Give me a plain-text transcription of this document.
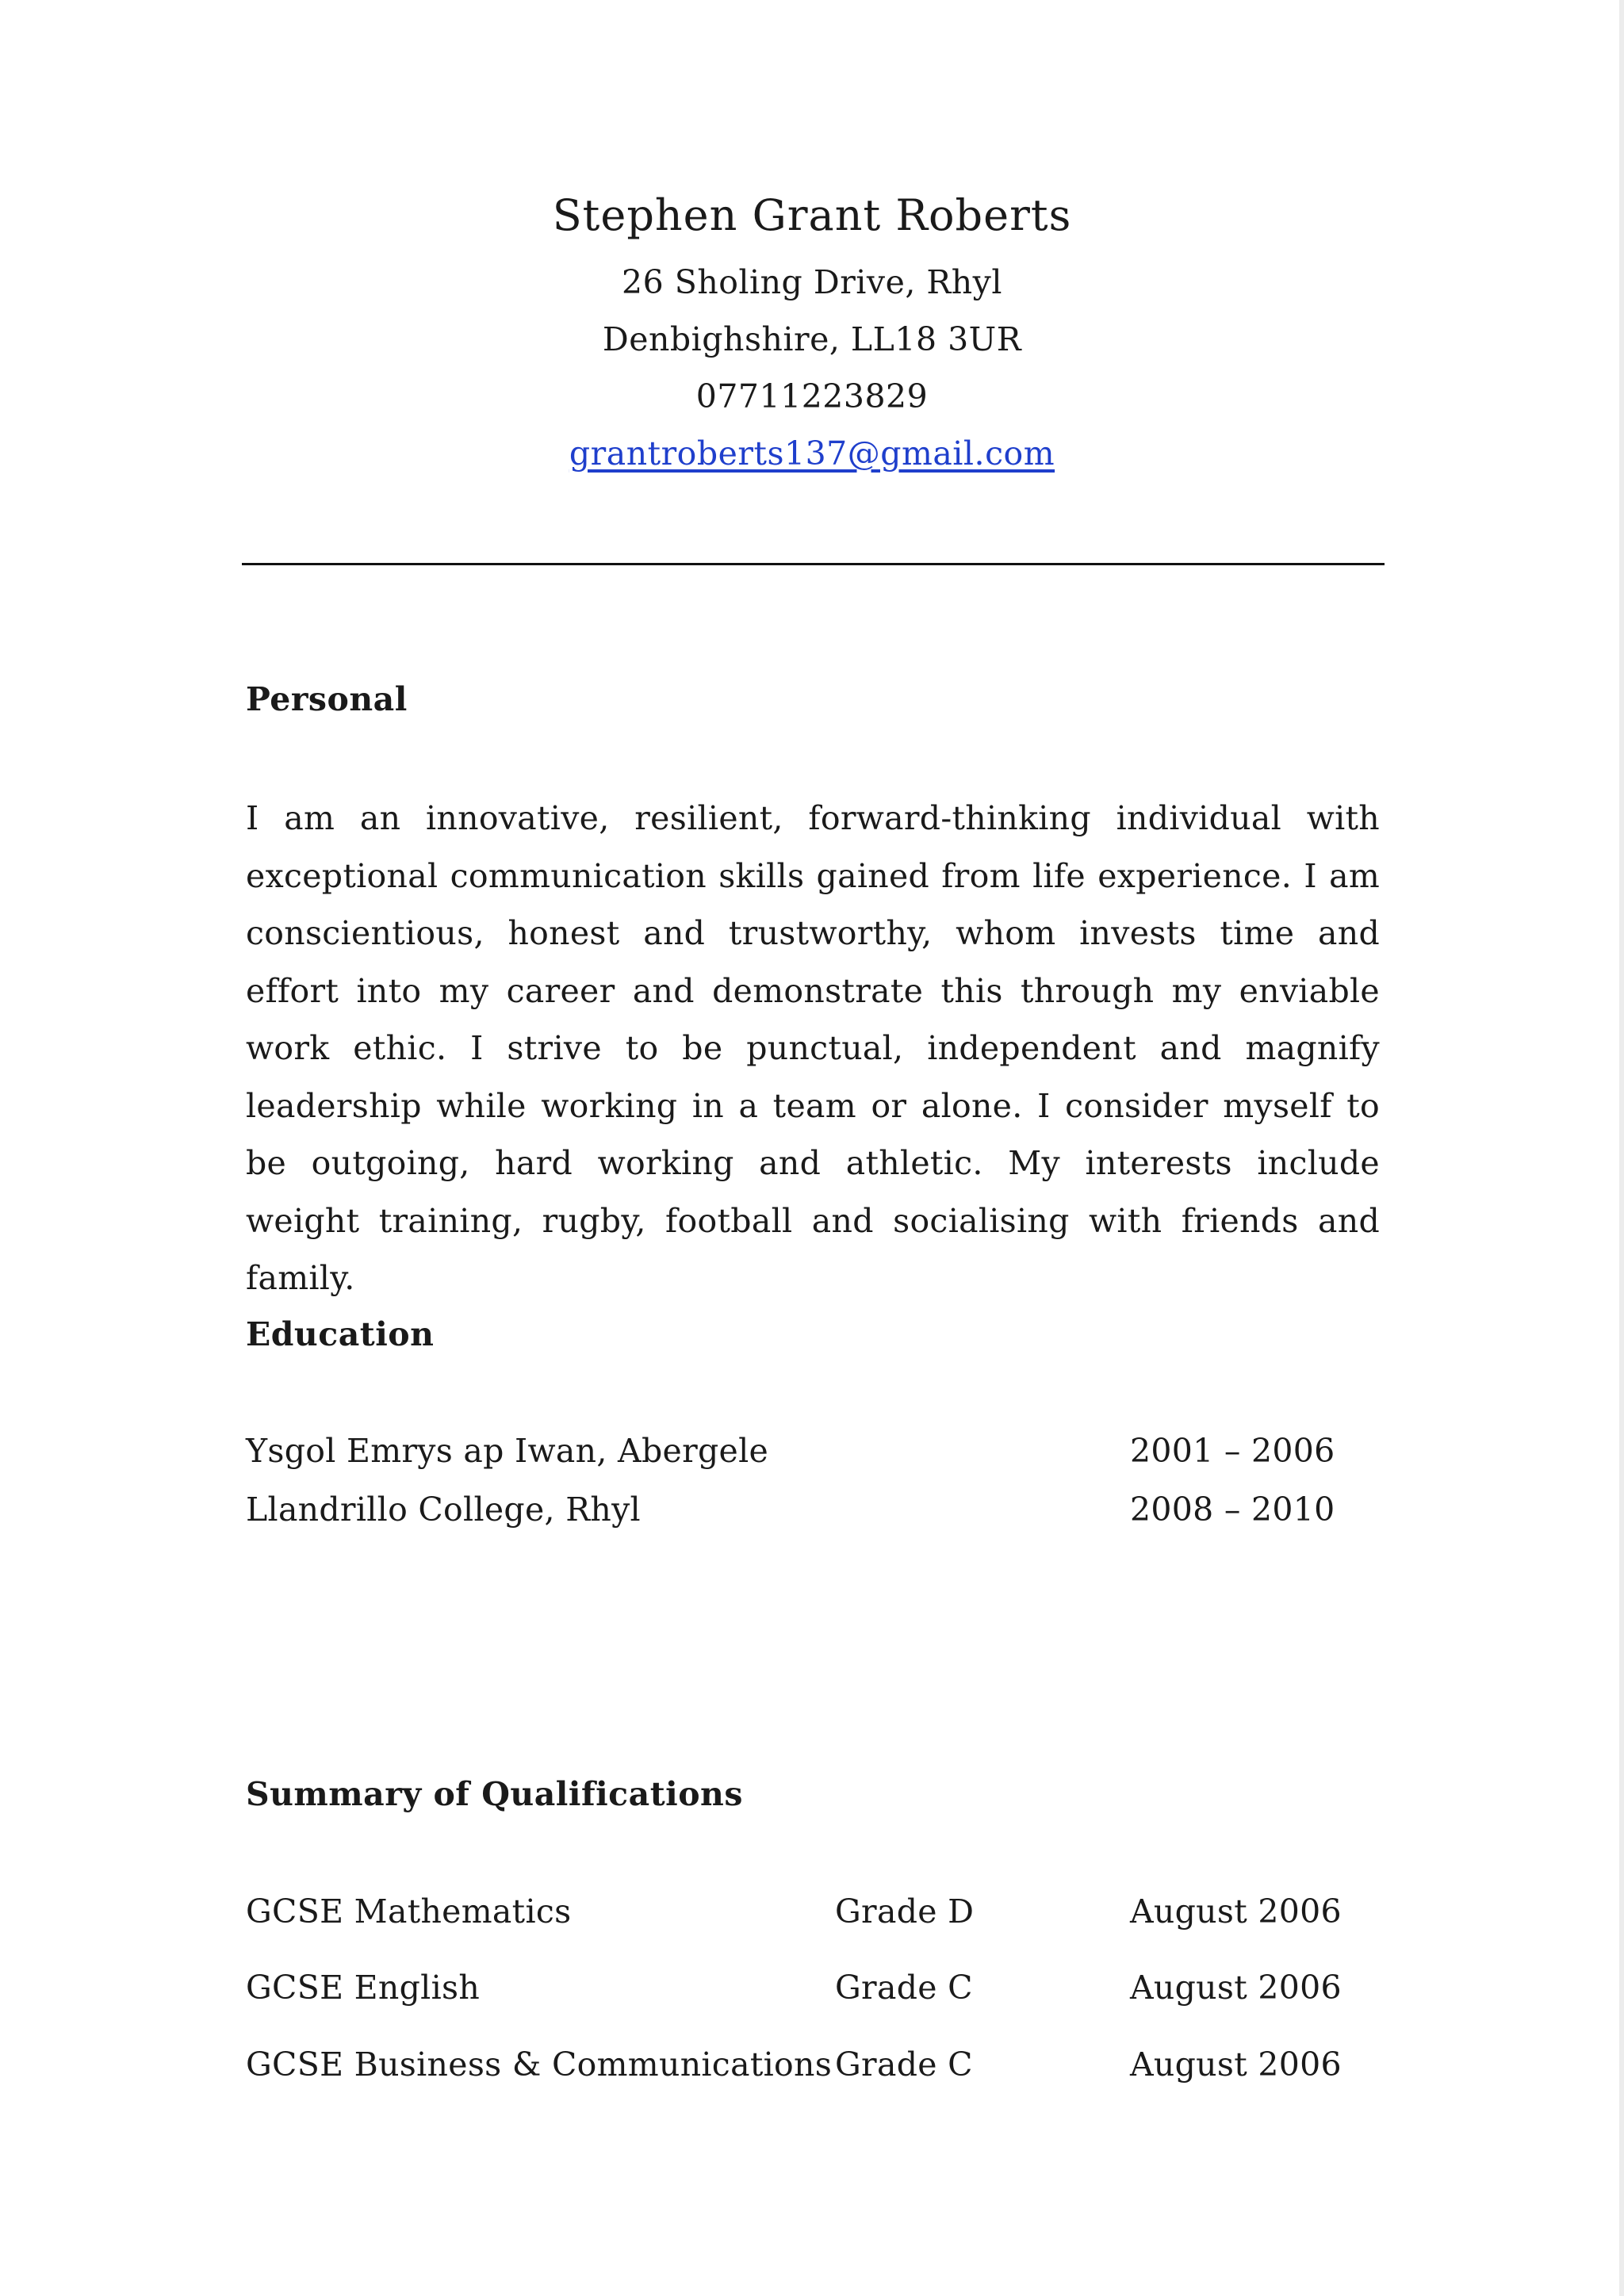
Stephen Grant Roberts
26 Sholing Drive, Rhyl
Denbighshire, LL18 3UR
07711223829
grantroberts137@gmail.com
Personal

I am an innovative, resilient, forward-thinking individual with exceptional communication skills gained from life experience. I am conscientious, honest and trustworthy, whom invests time and effort into my career and demonstrate this through my enviable work ethic. I strive to be punctual, independent and magnify leadership while working in a team or alone. I consider myself to be outgoing, hard working and athletic. My interests include weight training, rugby, football and socialising with friends and family.

Education
Ysgol Emrys ap Iwan, Abergele	2001 – 2006
Llandrillo College, Rhyl	2008 – 2010
Summary of Qualifications
GCSE Mathematics	Grade D	August 2006
GCSE English	Grade C	August 2006
GCSE Business & Communications Grade C	August 2006
